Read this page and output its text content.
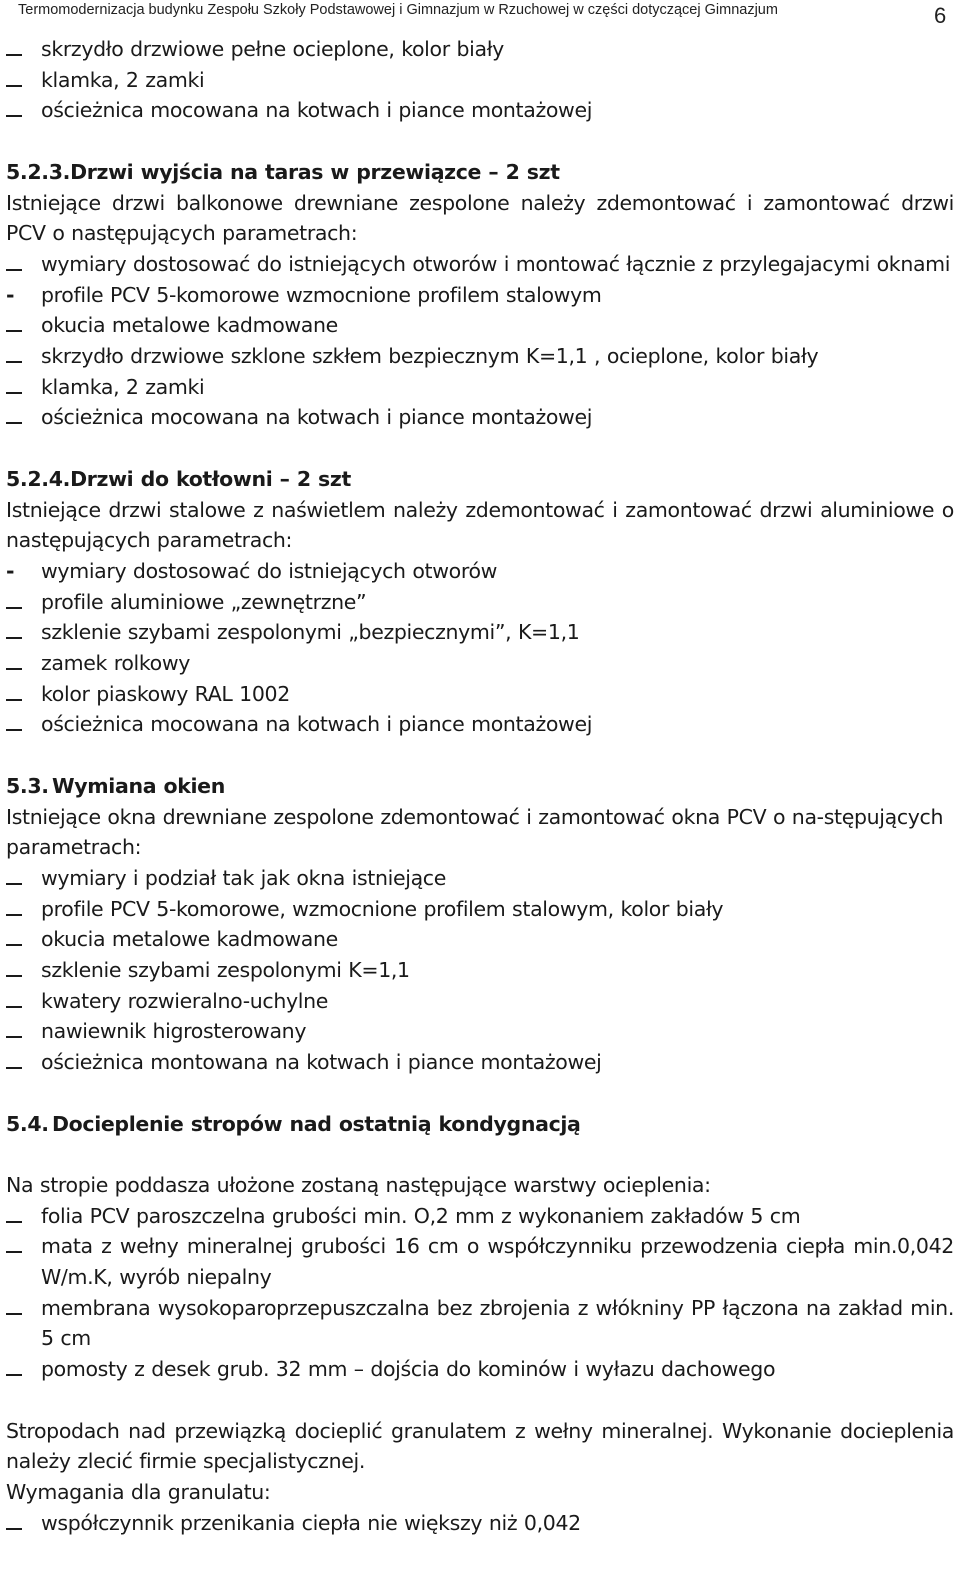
Termomodernizacja budynku Zespołu Szkoły Podstawowej i Gimnazjum w Rzuchowej w części dotyczącej Gimnazjum	6
skrzydło drzwiowe pełne ocieplone, kolor biały
klamka, 2 zamki
ościeżnica mocowana na kotwach i piance montażowej
5.2.3.Drzwi wyjścia na taras w przewiązce – 2 szt

Istniejące drzwi balkonowe drewniane zespolone należy zdemontować i zamontować drzwi PCV o następujących parametrach:

wymiary dostosować do istniejących otworów i montować łącznie z przylegajacymi oknami
-	profile PCV 5-komorowe wzmocnione profilem stalowym
okucia metalowe kadmowane
skrzydło drzwiowe szklone szkłem bezpiecznym K=1,1 , ocieplone, kolor biały
klamka, 2 zamki
ościeżnica mocowana na kotwach i piance montażowej
5.2.4.Drzwi do kotłowni – 2 szt

Istniejące drzwi stalowe z naświetlem należy zdemontować i zamontować drzwi aluminiowe o następujących parametrach:

-	wymiary dostosować do istniejących otworów
profile aluminiowe „zewnętrzne”
szklenie szybami zespolonymi „bezpiecznymi”, K=1,1
zamek rolkowy
kolor piaskowy RAL 1002
ościeżnica mocowana na kotwach i piance montażowej
5.3. Wymiana okien

Istniejące okna drewniane zespolone zdemontować i zamontować okna PCV o na-stępujących parametrach:

wymiary i podział tak jak okna istniejące
profile PCV 5-komorowe, wzmocnione profilem stalowym, kolor biały
okucia metalowe kadmowane
szklenie szybami zespolonymi K=1,1
kwatery rozwieralno-uchylne
nawiewnik higrosterowany
ościeżnica montowana na kotwach i piance montażowej
5.4. Docieplenie stropów nad ostatnią kondygnacją

Na stropie poddasza ułożone zostaną następujące warstwy ocieplenia:

folia PCV paroszczelna grubości min. O,2 mm z wykonaniem zakładów 5 cm
mata z wełny mineralnej grubości 16 cm o współczynniku przewodzenia ciepła min.0,042 W/m.K, wyrób niepalny
membrana wysokoparoprzepuszczalna bez zbrojenia z włókniny PP łączona na zakład min. 5 cm
pomosty z desek grub. 32 mm – dojścia do kominów i wyłazu dachowego

Stropodach nad przewiązką docieplić granulatem z wełny mineralnej. Wykonanie docieplenia należy zlecić firmie specjalistycznej.

Wymagania dla granulatu:

współczynnik przenikania ciepła nie większy niż 0,042
